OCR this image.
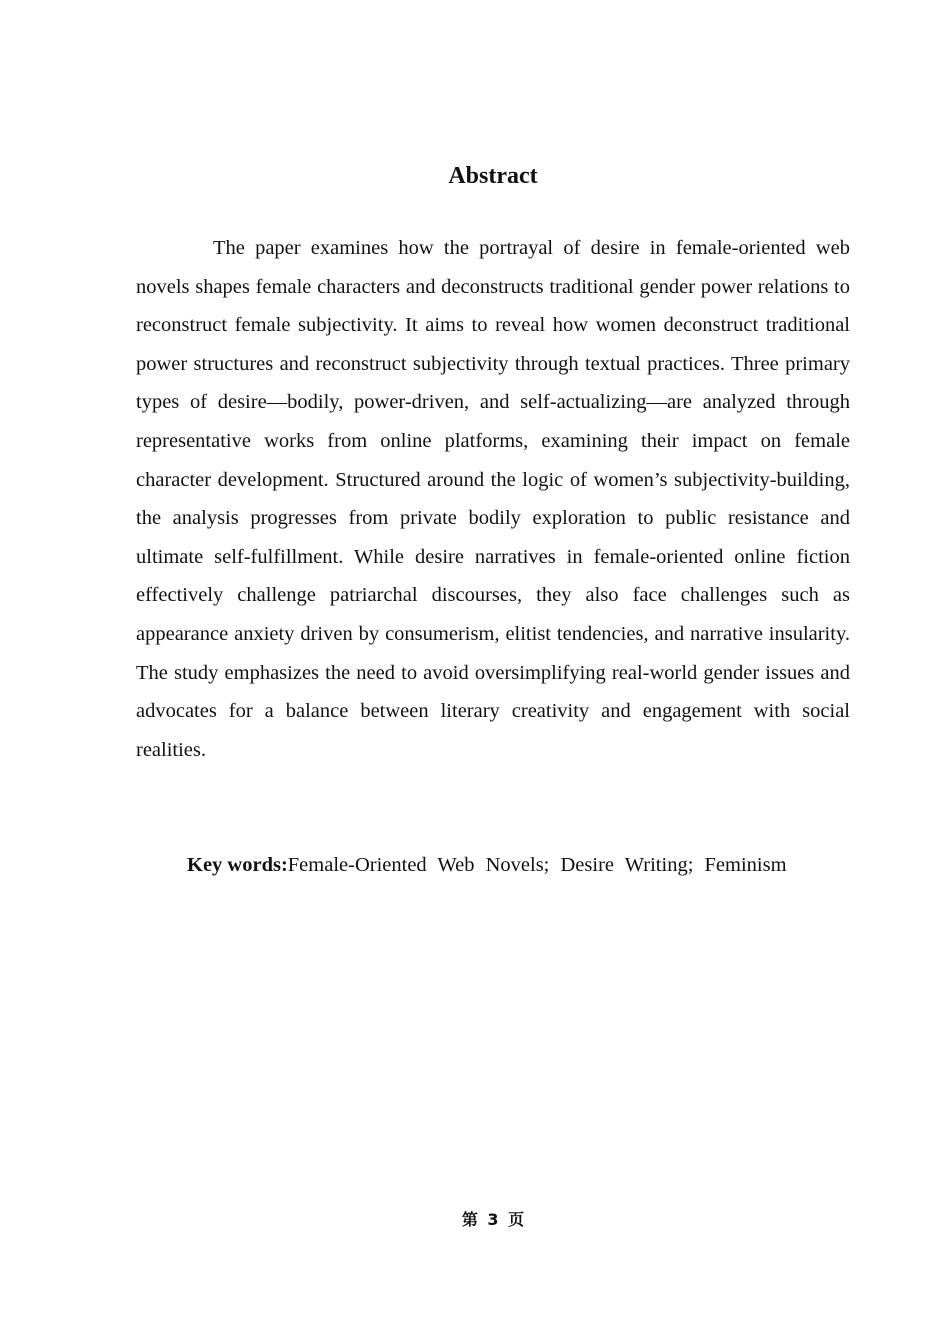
Abstract

The paper examines how the portrayal of desire in female-oriented web novels shapes female characters and deconstructs traditional gender power relations to reconstruct female subjectivity. It aims to reveal how women deconstruct traditional power structures and reconstruct subjectivity through textual practices. Three primary types of desire—bodily, power-driven, and self-actualizing—are analyzed through representative works from online platforms, examining their impact on female character development. Structured around the logic of women’s subjectivity-building, the analysis progresses from private bodily exploration to public resistance and ultimate self-fulfillment. While desire narratives in female-oriented online fiction effectively challenge patriarchal discourses, they also face challenges such as appearance anxiety driven by consumerism, elitist tendencies, and narrative insularity. The study emphasizes the need to avoid oversimplifying real-world gender issues and advocates for a balance between literary creativity and engagement with social realities.

Key words:Female-Oriented Web Novels; Desire Writing; Feminism
第 3 页
